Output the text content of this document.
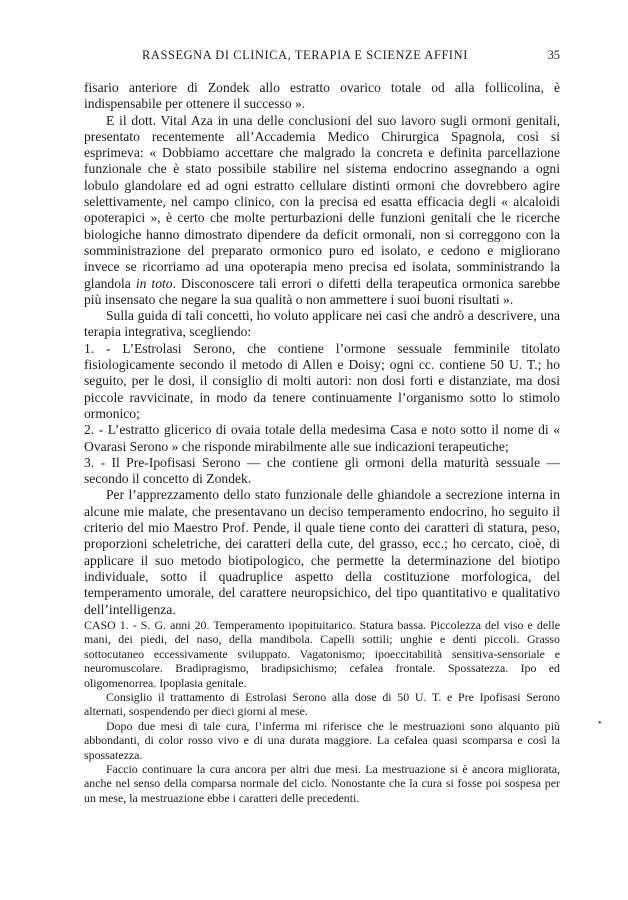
RASSEGNA DI CLINICA, TERAPIA E SCIENZE AFFINI	35

fisario anteriore di Zondek allo estratto ovarico totale od alla follicolina, è indispensabile per ottenere il successo ».

E il dott. Vital Aza in una delle conclusioni del suo lavoro sugli ormoni genitali, presentato recentemente all’Accademia Medico Chirurgica Spagnola, così si esprimeva: « Dobbiamo accettare che malgrado la concreta e definita parcellazione funzionale che è stato possibile stabilire nel sistema endocrino assegnando a ogni lobulo glandolare ed ad ogni estratto cellulare distinti ormoni che dovrebbero agire selettivamente, nel campo clinico, con la precisa ed esatta efficacia degli « alcaloidi opoterapici », è certo che molte perturbazioni delle funzioni genitali che le ricerche biologiche hanno dimostrato dipendere da deficit ormonali, non si correggono con la somministrazione del preparato ormonico puro ed isolato, e cedono e migliorano invece se ricorriamo ad una opoterapia meno precisa ed isolata, somministrando la glandola in toto. Disconoscere tali errori o difetti della terapeutica ormonica sarebbe più insensato che negare la sua qualità o non ammettere i suoi buoni risultati ».

Sulla guida di tali concetti, ho voluto applicare nei casi che andrò a descrivere, una terapia integrativa, scegliendo:

1. - L’Estrolasi Serono, che contiene l’ormone sessuale femminile titolato fisiologicamente secondo il metodo di Allen e Doisy; ogni cc. contiene 50 U. T.; ho seguito, per le dosi, il consiglio di molti autori: non dosi forti e distanziate, ma dosi piccole ravvicinate, in modo da tenere continuamente l’organismo sotto lo stimolo ormonico;

2. - L’estratto glicerico di ovaia totale della medesima Casa e noto sotto il nome di « Ovarasi Serono » che risponde mirabilmente alle sue indicazioni terapeutiche;

3. - Il Pre-Ipofisasi Serono — che contiene gli ormoni della maturità sessuale — secondo il concetto di Zondek.

Per l’apprezzamento dello stato funzionale delle ghiandole a secrezione interna in alcune mie malate, che presentavano un deciso temperamento endocrino, ho seguito il criterio del mio Maestro Prof. Pende, il quale tiene conto dei caratteri di statura, peso, proporzioni scheletriche, dei caratteri della cute, del grasso, ecc.; ho cercato, cioè, di applicare il suo metodo biotipologico, che permette la determinazione del biotipo individuale, sotto il quadruplice aspetto della costituzione morfologica, del temperamento umorale, del carattere neuropsichico, del tipo quantitativo e qualitativo dell’intelligenza.

CASO 1. - S. G. anni 20. Temperamento ipopituitarico. Statura bassa. Piccolezza del viso e delle mani, dei piedi, del naso, della mandibola. Capelli sottili; unghie e denti piccoli. Grasso sottocutaneo eccessivamente sviluppato. Vagatonismo; ipoeccitabilità sensitiva-sensoriale e neuromuscolare. Bradipragismo, bradipsichismo; cefalea frontale. Spossatezza. Ipo ed oligomenorrea. Ipoplasia genitale.

Consiglio il trattamento di Estrolasi Serono alla dose di 50 U. T. e Pre Ipofisasi Serono alternati, sospendendo per dieci giorni al mese.

Dopo due mesi di tale cura, l’inferma mi riferisce che le mestruazioni sono alquanto più abbondanti, di color rosso vivo e di una durata maggiore. La cefalea quasi scomparsa e così la spossatezza.

Faccio continuare la cura ancora per altri due mesi. La mestruazione si è ancora migliorata, anche nel senso della comparsa normale del ciclo. Nonostante che la cura si fosse poi sospesa per un mese, la mestruazione ebbe i caratteri delle precedenti.

•
